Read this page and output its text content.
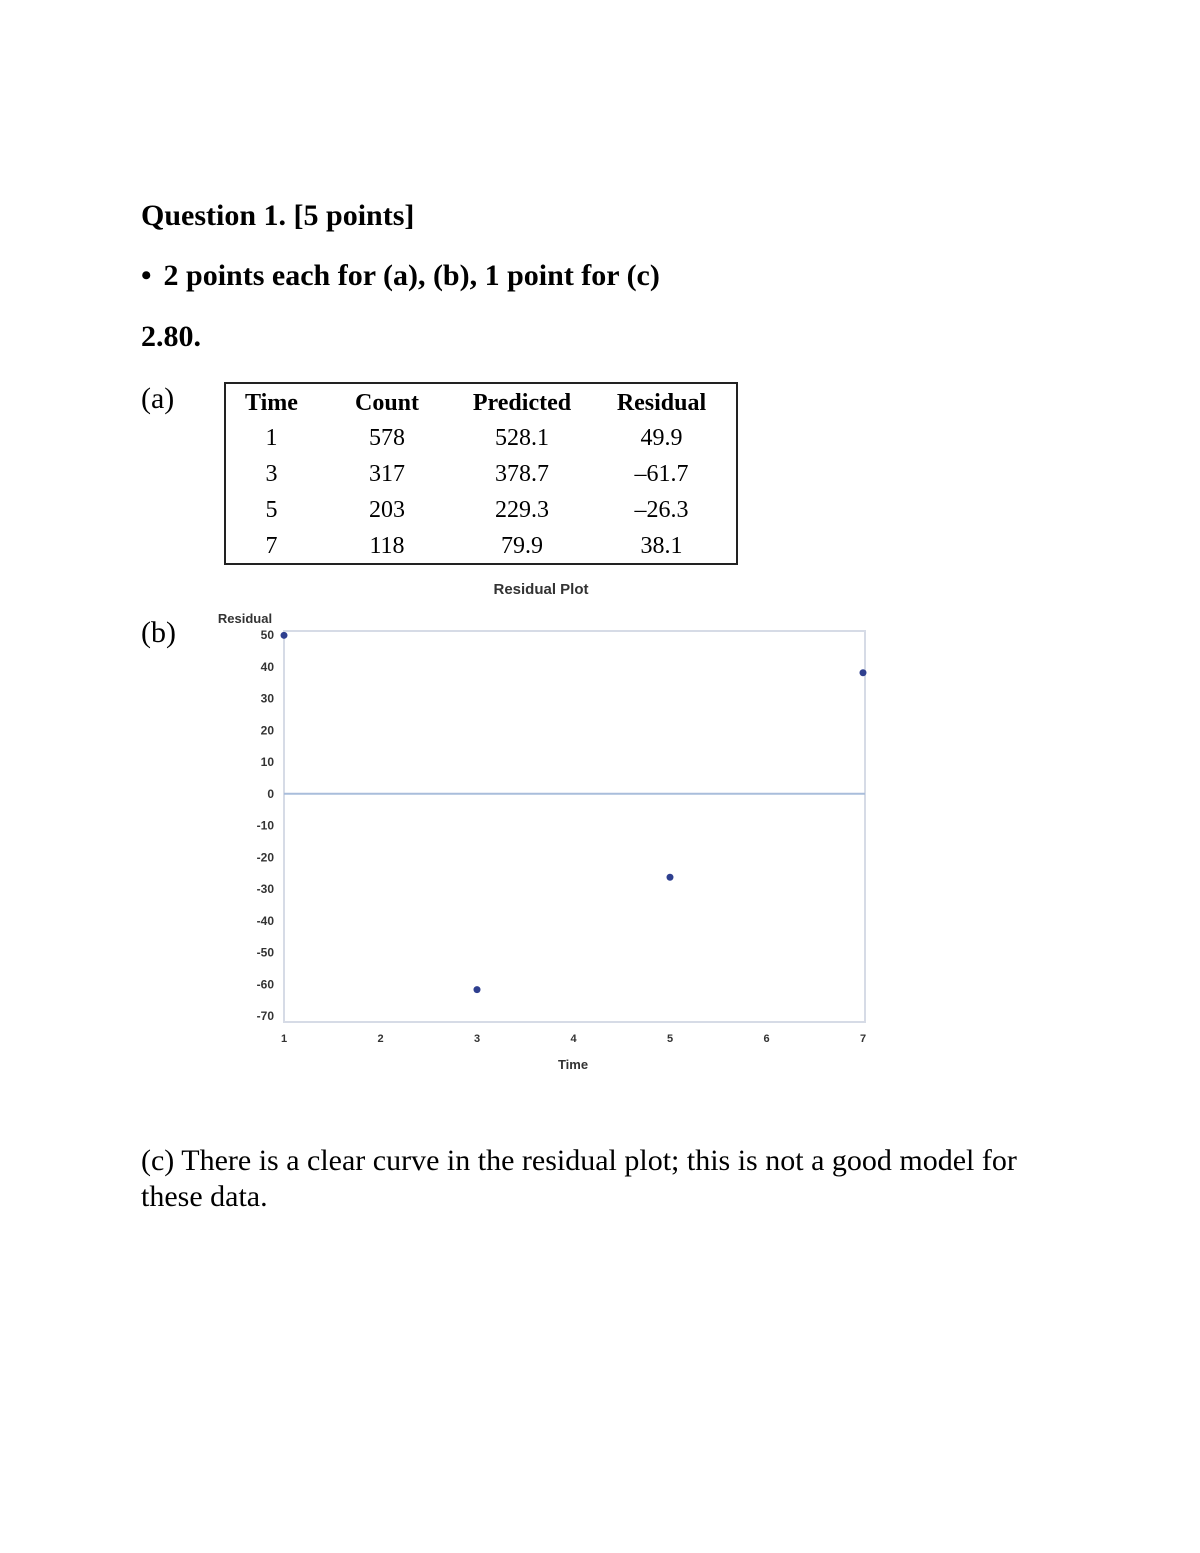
Question 1. [5 points]
• 2 points each for (a), (b), 1 point for (c)
2.80.
(a)	Time	Count	Predicted	Residual
1	578	528.1	49.9
3	317	378.7	–61.7
5	203	229.3	–26.3
7	118	79.9	38.1
(b)
Residual Plot
Residual
Time
50
40
30
20
10
0
-10
-20
-30
-40
-50
-60
-70
1	2	3	4	5	6	7
(c) There is a clear curve in the residual plot; this is not a good model for these data.
